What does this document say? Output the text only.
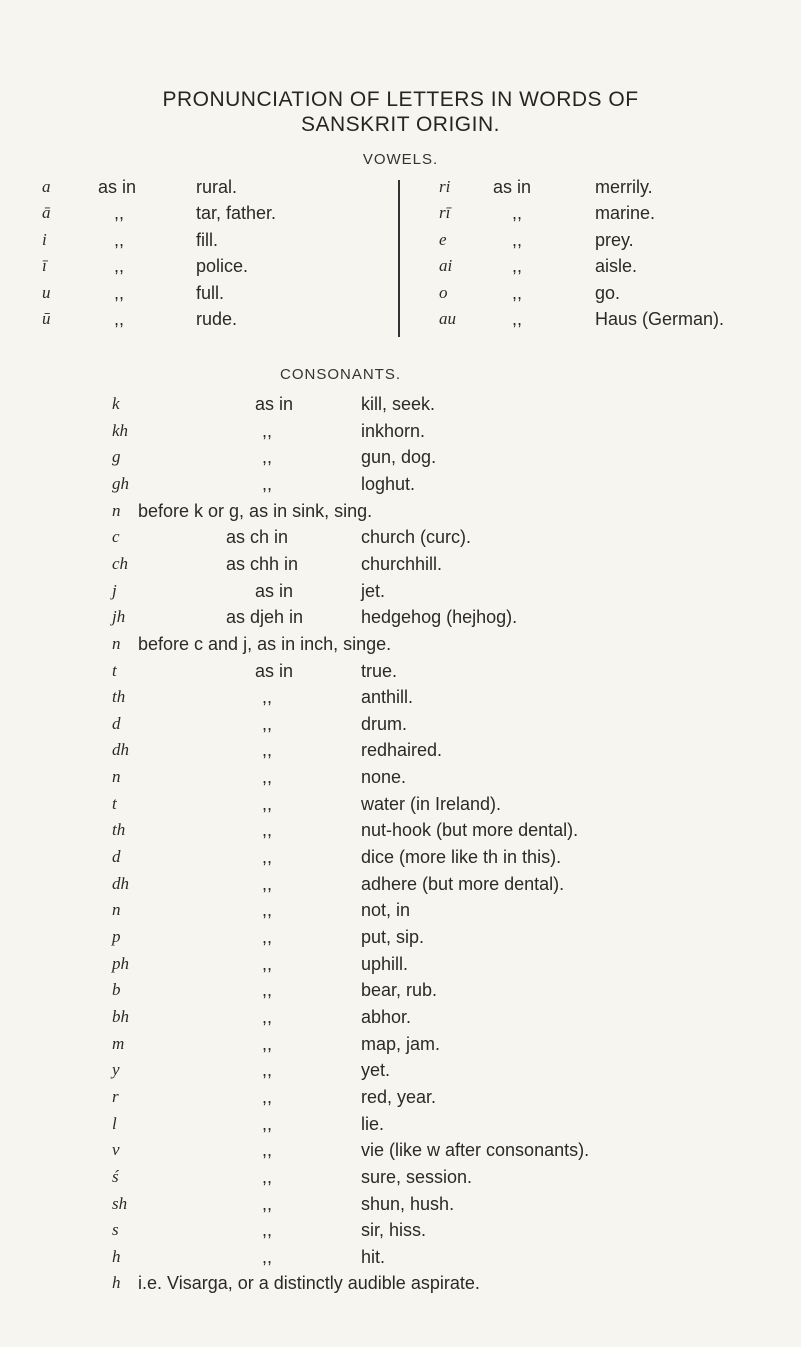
PRONUNCIATION OF LETTERS IN WORDS OF
SANSKRIT ORIGIN.
VOWELS.
a	as in	rural.
ā	,,	tar, father.
i	,,	fill.
ī	,,	police.
u	,,	full.
ū	,,	rude.
ri as in	merrily.
rī	,,	marine.
e	,,	prey.
ai	,,	aisle.
o	,,	go.
au	,,	Haus (German).
CONSONANTS.
k	as in	kill, seek.
kh	,,	inkhorn.
g	,,	gun, dog.
gh	,,	loghut.
n before k or g, as in sink, sing.
c	as ch in	church (curc).
ch	as chh in	churchhill.
j	as in	jet.
jh	as djeh in	hedgehog (hejhog).
n before c and j, as in inch, singe.
t	as in	true.
th	,,	anthill.
d	,,	drum.
dh	,,	redhaired.
n	,,	none.
t	,,	water (in Ireland).
th	,,	nut-hook (but more dental).
d	,,	dice (more like th in this).
dh	,,	adhere (but more dental).
n	,,	not, in
p	,,	put, sip.
ph	,,	uphill.
b	,,	bear, rub.
bh	,,	abhor.
m	,,	map, jam.
y	,,	yet.
r	,,	red, year.
l	,,	lie.
v	,,	vie (like w after consonants).
ś	,,	sure, session.
sh	,,	shun, hush.
s	,,	sir, hiss.
h	,,	hit.
h i.e. Visarga, or a distinctly audible aspirate.
